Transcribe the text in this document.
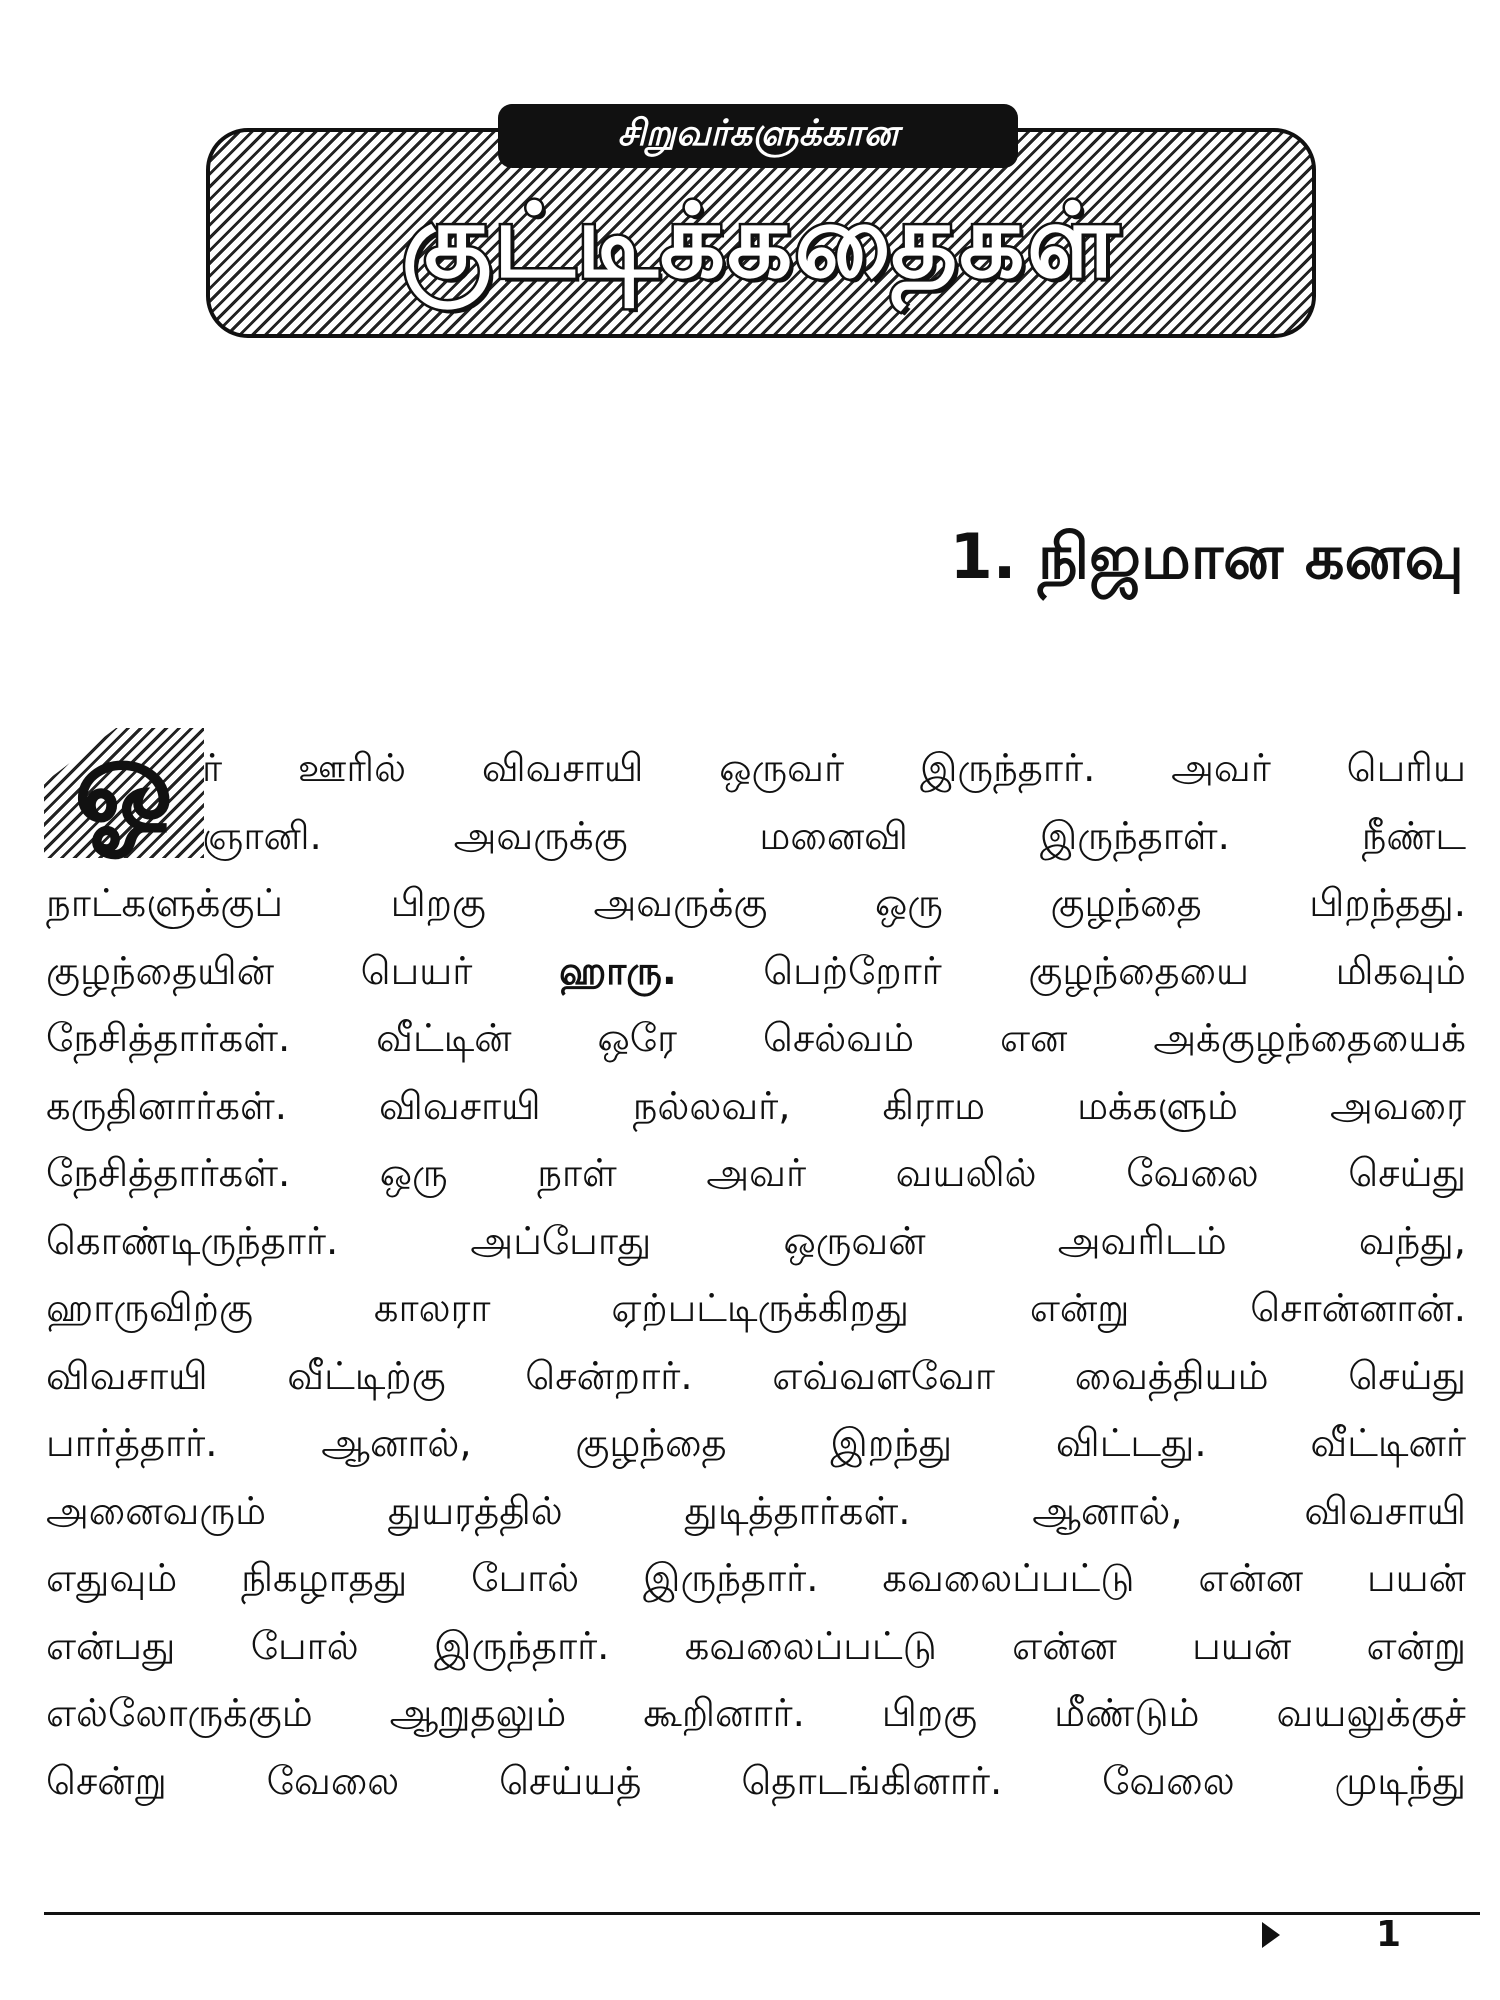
சிறுவர்களுக்கான
குட்டிக்கதைகள்
1. நிஜமான கனவு
ஓ ர் ஊரில் விவசாயி ஒருவர் இருந்தார். அவர் பெரிய
ஞானி. அவருக்கு மனைவி இருந்தாள். நீண்ட
நாட்களுக்குப் பிறகு அவருக்கு ஒரு குழந்தை பிறந்தது.
குழந்தையின் பெயர் ஹாரு. பெற்றோர் குழந்தையை மிகவும்
நேசித்தார்கள். வீட்டின் ஒரே செல்வம் என அக்குழந்தையைக்
கருதினார்கள். விவசாயி நல்லவர், கிராம மக்களும் அவரை
நேசித்தார்கள். ஒரு நாள் அவர் வயலில் வேலை செய்து
கொண்டிருந்தார். அப்போது ஒருவன் அவரிடம் வந்து,
ஹாருவிற்கு காலரா ஏற்பட்டிருக்கிறது என்று சொன்னான்.
விவசாயி வீட்டிற்கு சென்றார். எவ்வளவோ வைத்தியம் செய்து
பார்த்தார். ஆனால், குழந்தை இறந்து விட்டது. வீட்டினர்
அனைவரும் துயரத்தில் துடித்தார்கள். ஆனால், விவசாயி
எதுவும் நிகழாதது போல் இருந்தார். கவலைப்பட்டு என்ன பயன்
என்பது போல் இருந்தார். கவலைப்பட்டு என்ன பயன் என்று
எல்லோருக்கும் ஆறுதலும் கூறினார். பிறகு மீண்டும் வயலுக்குச்
சென்று வேலை செய்யத் தொடங்கினார். வேலை முடிந்து
1
